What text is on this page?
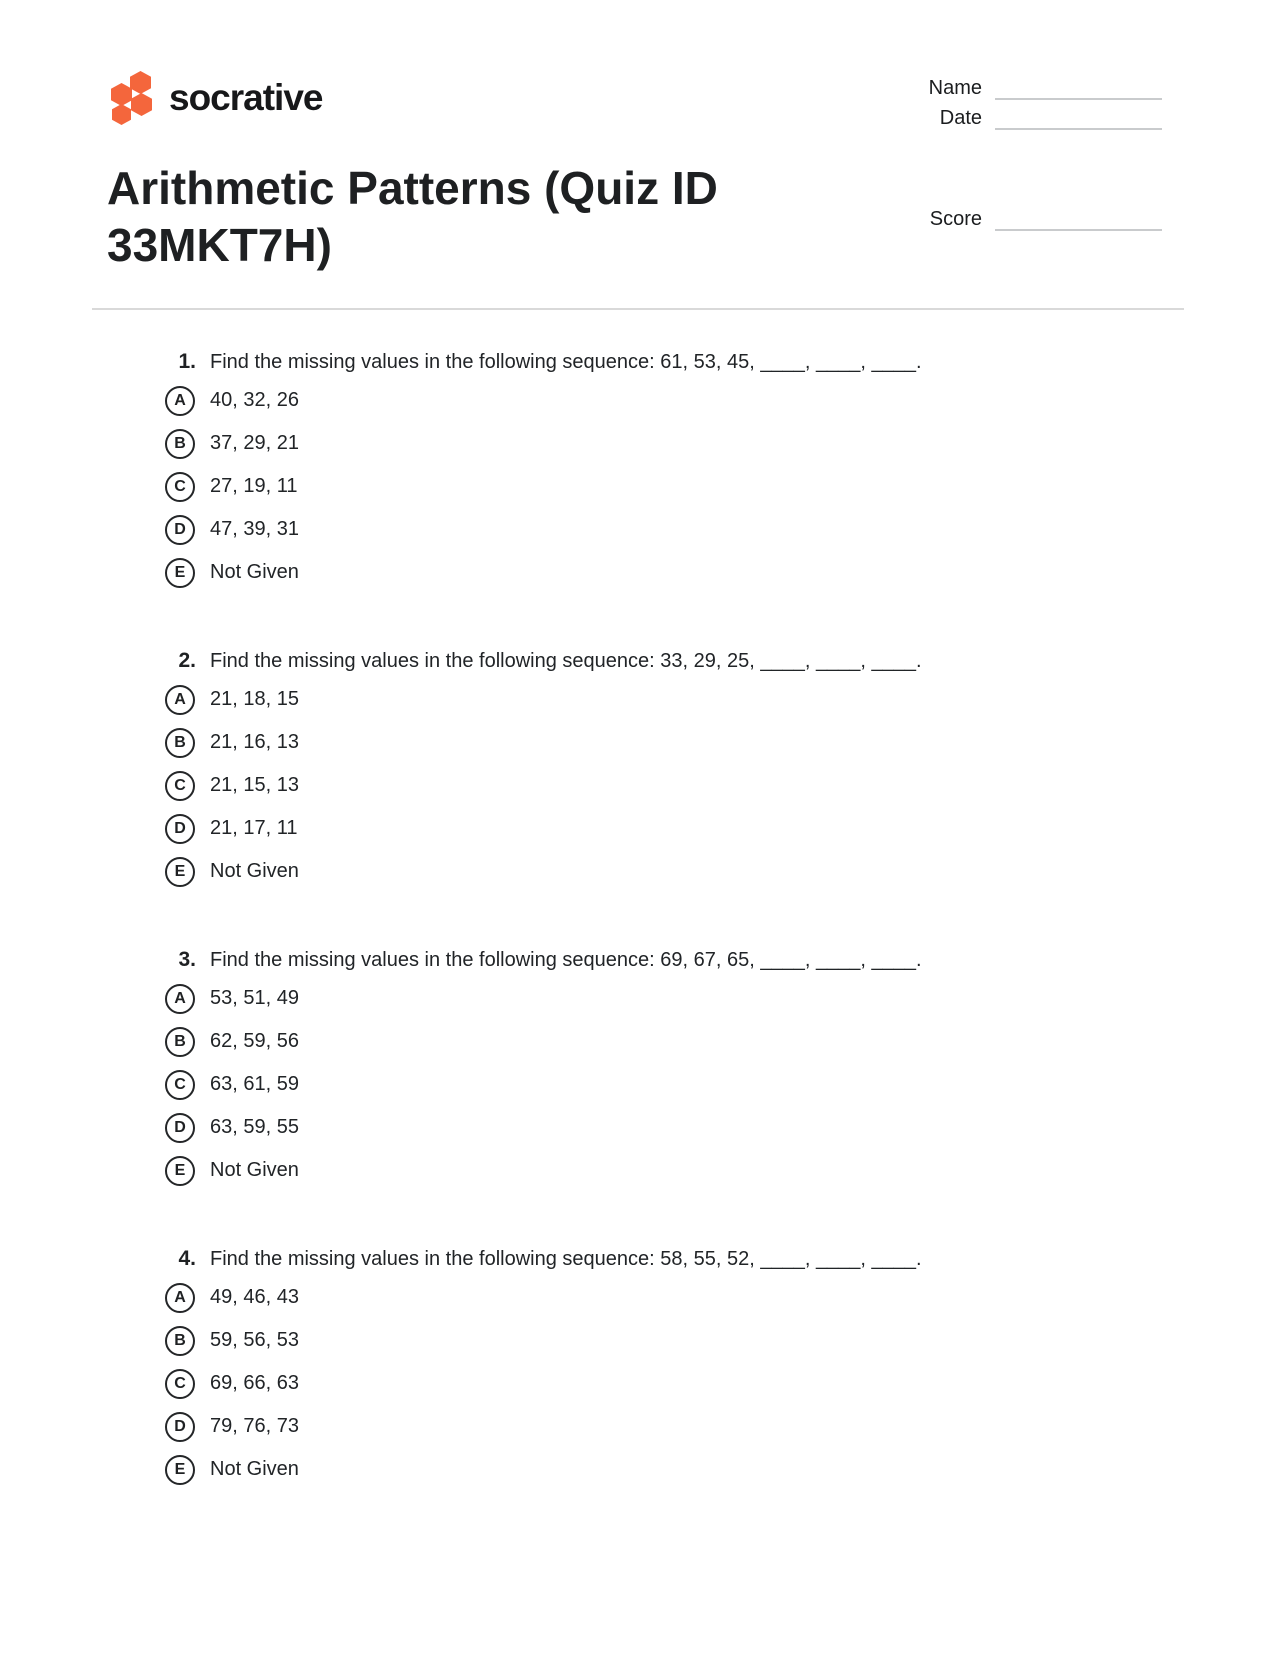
socrative	Name
Date
Score
Arithmetic Patterns (Quiz ID
33MKT7H)
1. Find the missing values in the following sequence: 61, 53, 45, ____, ____, ____.
A	40, 32, 26
B	37, 29, 21
C	27, 19, 11
D	47, 39, 31
E	Not Given
2. Find the missing values in the following sequence: 33, 29, 25, ____, ____, ____.
A	21, 18, 15
B	21, 16, 13
C	21, 15, 13
D	21, 17, 11
E	Not Given
3. Find the missing values in the following sequence: 69, 67, 65, ____, ____, ____.
A	53, 51, 49
B	62, 59, 56
C	63, 61, 59
D	63, 59, 55
E	Not Given
4. Find the missing values in the following sequence: 58, 55, 52, ____, ____, ____.
A	49, 46, 43
B	59, 56, 53
C	69, 66, 63
D	79, 76, 73
E	Not Given
